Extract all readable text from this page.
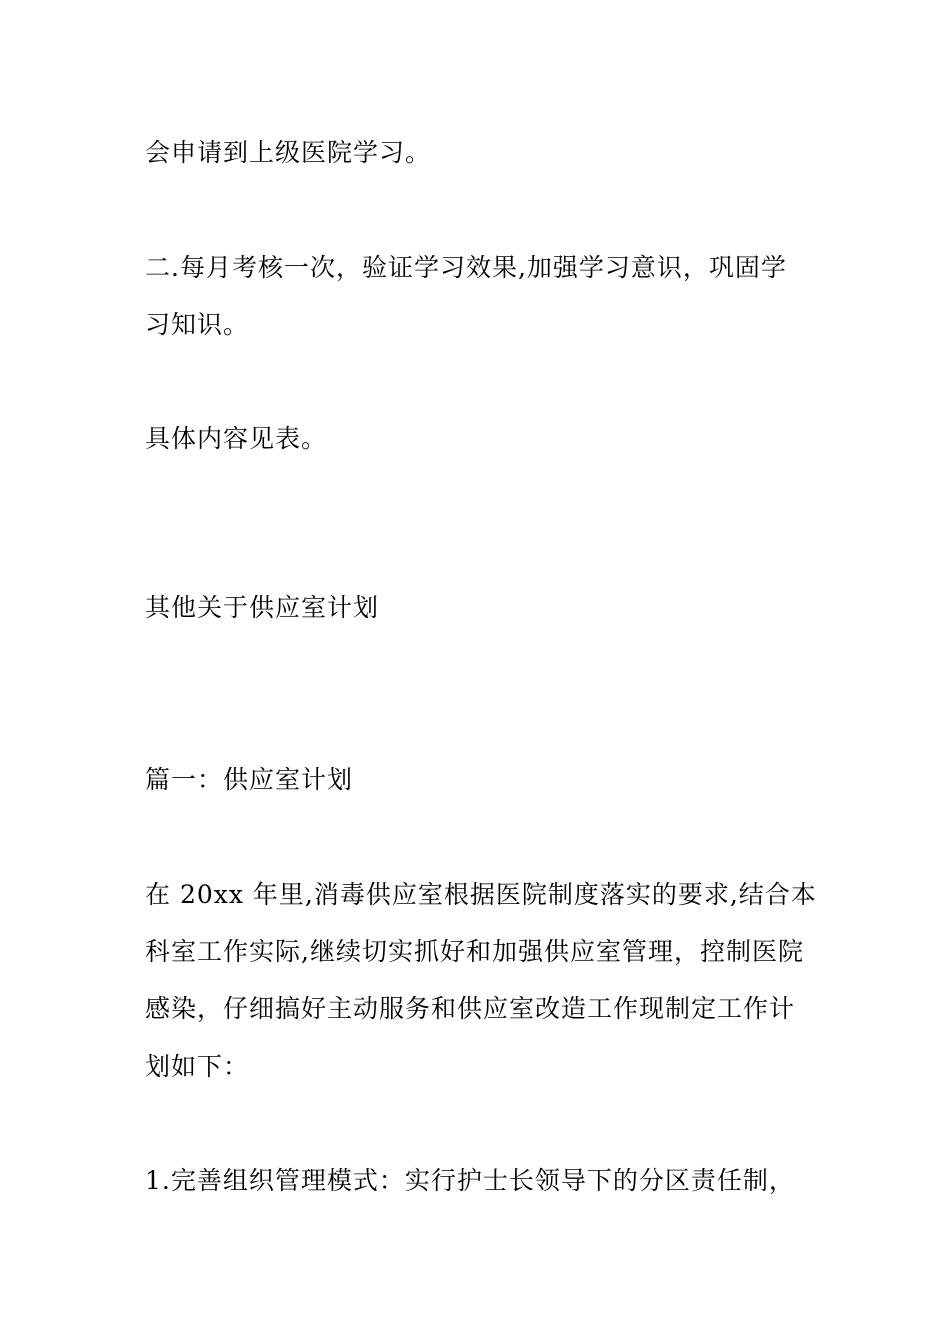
会申请到上级医院学习。
二.每月考核一次，验证学习效果,加强学习意识，巩固学
习知识。
具体内容见表。
其他关于供应室计划
篇一：供应室计划
在 20xx 年里,消毒供应室根据医院制度落实的要求,结合本
科室工作实际,继续切实抓好和加强供应室管理，控制医院
感染，仔细搞好主动服务和供应室改造工作现制定工作计
划如下：
1.完善组织管理模式：实行护士长领导下的分区责任制，
